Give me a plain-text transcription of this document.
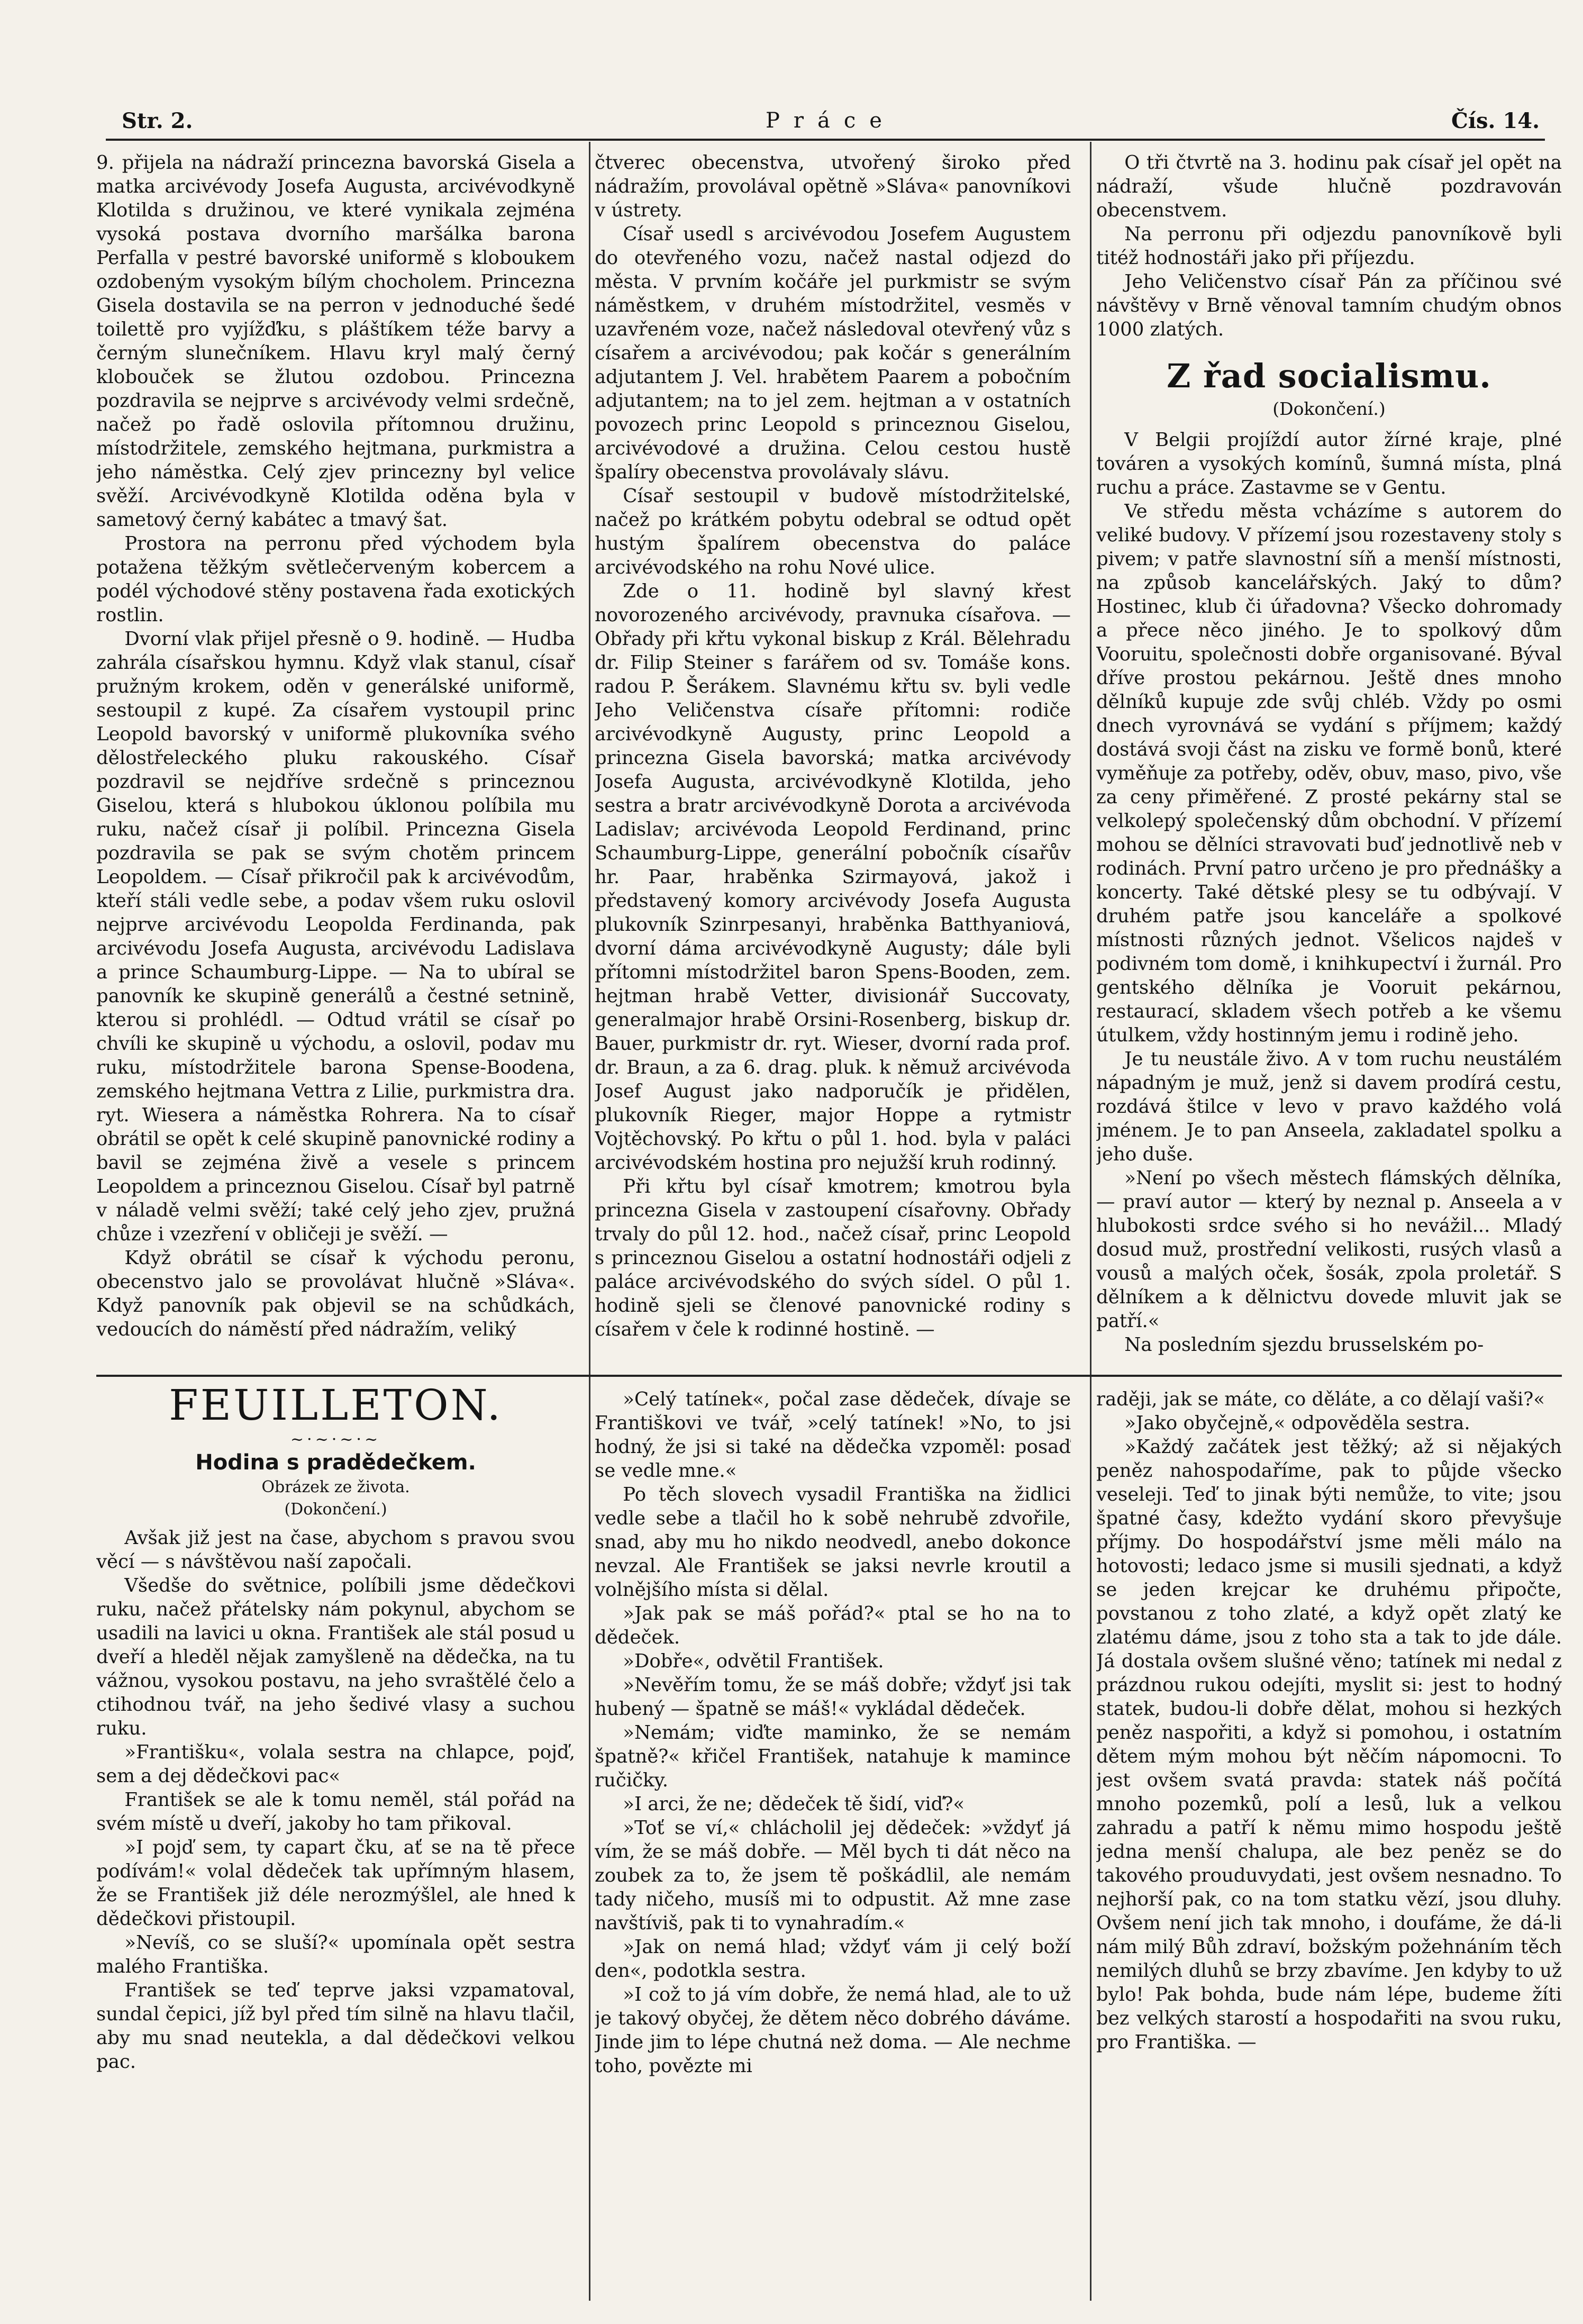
Str. 2.	Práce	Čís. 14.

9. přijela na nádraží princezna bavorská Gisela a matka arcivévody Josefa Augusta, arcivévodkyně Klotilda s družinou, ve které vynikala zejména vysoká postava dvorního maršálka barona Perfalla v pestré bavorské uniformě s kloboukem ozdobeným vysokým bílým chocholem. Princezna Gisela dostavila se na perron v jednoduché šedé toilettě pro vyjížďku, s pláštíkem téže barvy a černým slunečníkem. Hlavu kryl malý černý klobouček se žlutou ozdobou. Princezna pozdravila se nejprve s arcivévody velmi srdečně, načež po řadě oslovila přítomnou družinu, místodržitele, zemského hejtmana, purkmistra a jeho náměstka. Celý zjev princezny byl velice svěží. Arcivévodkyně Klotilda oděna byla v sametový černý kabátec a tmavý šat.

Prostora na perronu před východem byla potažena těžkým světlečerveným kobercem a podél východové stěny postavena řada exotických rostlin.

Dvorní vlak přijel přesně o 9. hodině. — Hudba zahrála císařskou hymnu. Když vlak stanul, císař pružným krokem, oděn v generálské uniformě, sestoupil z kupé. Za císařem vystoupil princ Leopold bavorský v uniformě plukovníka svého dělostřeleckého pluku rakouského. Císař pozdravil se nejdříve srdečně s princeznou Giselou, která s hlubokou úklonou políbila mu ruku, načež císař ji políbil. Princezna Gisela pozdravila se pak se svým chotěm princem Leopoldem. — Císař přikročil pak k arcivévodům, kteří stáli vedle sebe, a podav všem ruku oslovil nejprve arcivévodu Leopolda Ferdinanda, pak arcivévodu Josefa Augusta, arcivévodu Ladislava a prince Schaumburg-Lippe. — Na to ubíral se panovník ke skupině generálů a čestné setnině, kterou si prohlédl. — Odtud vrátil se císař po chvíli ke skupině u východu, a oslovil, podav mu ruku, místodržitele barona Spense-Boodena, zemského hejtmana Vettra z Lilie, purkmistra dra. ryt. Wiesera a náměstka Rohrera. Na to císař obrátil se opět k celé skupině panovnické rodiny a bavil se zejména živě a vesele s princem Leopoldem a princeznou Giselou. Císař byl patrně v náladě velmi svěží; také celý jeho zjev, pružná chůze i vzezření v obličeji je svěží. —

Když obrátil se císař k východu peronu, obecenstvo jalo se provolávat hlučně »Sláva«. Když panovník pak objevil se na schůdkách, vedoucích do náměstí před nádražím, veliký

čtverec obecenstva, utvořený široko před nádražím, provolával opětně »Sláva« panovníkovi v ústrety.

Císař usedl s arcivévodou Josefem Augustem do otevřeného vozu, načež nastal odjezd do města. V prvním kočáře jel purkmistr se svým náměstkem, v druhém místodržitel, vesměs v uzavřeném voze, načež následoval otevřený vůz s císařem a arcivévodou; pak kočár s generálním adjutantem J. Vel. hrabětem Paarem a pobočním adjutantem; na to jel zem. hejtman a v ostatních povozech princ Leopold s princeznou Giselou, arcivévodové a družina. Celou cestou hustě špalíry obecenstva provolávaly slávu.

Císař sestoupil v budově místodržitelské, načež po krátkém pobytu odebral se odtud opět hustým špalírem obecenstva do paláce arcivévodského na rohu Nové ulice.

Zde o 11. hodině byl slavný křest novorozeného arcivévody, pravnuka císařova. — Obřady při křtu vykonal biskup z Král. Bělehradu dr. Filip Steiner s farářem od sv. Tomáše kons. radou P. Šerákem. Slavnému křtu sv. byli vedle Jeho Veličenstva císaře přítomni: rodiče arcivévodkyně Augusty, princ Leopold a princezna Gisela bavorská; matka arcivévody Josefa Augusta, arcivévodkyně Klotilda, jeho sestra a bratr arcivévodkyně Dorota a arcivévoda Ladislav; arcivévoda Leopold Ferdinand, princ Schaumburg-Lippe, generální pobočník císařův hr. Paar, hraběnka Szirmayová, jakož i představený komory arcivévody Josefa Augusta plukovník Szinrpesanyi, hraběnka Batthyaniová, dvorní dáma arcivévodkyně Augusty; dále byli přítomni místodržitel baron Spens-Booden, zem. hejtman hrabě Vetter, divisionář Succovaty, generalmajor hrabě Orsini-Rosenberg, biskup dr. Bauer, purkmistr dr. ryt. Wieser, dvorní rada prof. dr. Braun, a za 6. drag. pluk. k němuž arcivévoda Josef August jako nadporučík je přidělen, plukovník Rieger, major Hoppe a rytmistr Vojtěchovský. Po křtu o půl 1. hod. byla v paláci arcivévodském hostina pro nejužší kruh rodinný.

Při křtu byl císař kmotrem; kmotrou byla princezna Gisela v zastoupení císařovny. Obřady trvaly do půl 12. hod., načež císař, princ Leopold s princeznou Giselou a ostatní hodnostáři odjeli z paláce arcivévodského do svých sídel. O půl 1. hodině sjeli se členové panovnické rodiny s císařem v čele k rodinné hostině. —

O tři čtvrtě na 3. hodinu pak císař jel opět na nádraží, všude hlučně pozdravován obecenstvem.

Na perronu při odjezdu panovníkově byli titéž hodnostáři jako při příjezdu.

Jeho Veličenstvo císař Pán za příčinou své návštěvy v Brně věnoval tamním chudým obnos 1000 zlatých.

Z řad socialismu.
(Dokončení.)

V Belgii projíždí autor žírné kraje, plné továren a vysokých komínů, šumná místa, plná ruchu a práce. Zastavme se v Gentu.

Ve středu města vcházíme s autorem do veliké budovy. V přízemí jsou rozestaveny stoly s pivem; v patře slavnostní síň a menší místnosti, na způsob kancelářských. Jaký to dům? Hostinec, klub či úřadovna? Všecko dohromady a přece něco jiného. Je to spolkový dům Vooruitu, společnosti dobře organisované. Býval dříve prostou pekárnou. Ještě dnes mnoho dělníků kupuje zde svůj chléb. Vždy po osmi dnech vyrovnává se vydání s příjmem; každý dostává svoji část na zisku ve formě bonů, které vyměňuje za potřeby, oděv, obuv, maso, pivo, vše za ceny přiměřené. Z prosté pekárny stal se velkolepý společenský dům obchodní. V přízemí mohou se dělníci stravovati buď jednotlivě neb v rodinách. První patro určeno je pro přednášky a koncerty. Také dětské plesy se tu odbývají. V druhém patře jsou kanceláře a spolkové místnosti různých jednot. Všelicos najdeš v podivném tom domě, i knihkupectví i žurnál. Pro gentského dělníka je Vooruit pekárnou, restaurací, skladem všech potřeb a ke všemu útulkem, vždy hostinným jemu i rodině jeho.

Je tu neustále živo. A v tom ruchu neustálém nápadným je muž, jenž si davem prodírá cestu, rozdává štilce v levo v pravo každého volá jménem. Je to pan Anseela, zakladatel spolku a jeho duše.

»Není po všech městech flámských dělníka, — praví autor — který by neznal p. Anseela a v hlubokosti srdce svého si ho nevážil... Mladý dosud muž, prostřední velikosti, rusých vlasů a vousů a malých oček, šosák, zpola proletář. S dělníkem a k dělnictvu dovede mluvit jak se patří.«

Na posledním sjezdu brusselském po-

FEUILLETON.
~·~·~·~
Hodina s pradědečkem.
Obrázek ze života.
(Dokončení.)

Avšak již jest na čase, abychom s pravou svou věcí — s návštěvou naší započali.

Všedše do světnice, políbili jsme dědečkovi ruku, načež přátelsky nám pokynul, abychom se usadili na lavici u okna. František ale stál posud u dveří a hleděl nějak zamyšleně na dědečka, na tu vážnou, vysokou postavu, na jeho svraštělé čelo a ctihodnou tvář, na jeho šedivé vlasy a suchou ruku.

»Františku«, volala sestra na chlapce, pojď, sem a dej dědečkovi pac«

František se ale k tomu neměl, stál pořád na svém místě u dveří, jakoby ho tam přikoval.

»I pojď sem, ty capart čku, ať se na tě přece podívám!« volal dědeček tak upřímným hlasem, že se František již déle nerozmýšlel, ale hned k dědečkovi přistoupil.

»Nevíš, co se sluší?« upomínala opět sestra malého Františka.

František se teď teprve jaksi vzpamatoval, sundal čepici, jíž byl před tím silně na hlavu tlačil, aby mu snad neutekla, a dal dědečkovi velkou pac.

»Celý tatínek«, počal zase dědeček, dívaje se Františkovi ve tvář, »celý tatínek! »No, to jsi hodný, že jsi si také na dědečka vzpoměl: posaď se vedle mne.«

Po těch slovech vysadil Františka na židlici vedle sebe a tlačil ho k sobě nehrubě zdvořile, snad, aby mu ho nikdo neodvedl, anebo dokonce nevzal. Ale František se jaksi nevrle kroutil a volnějšího místa si dělal.

»Jak pak se máš pořád?« ptal se ho na to dědeček.

»Dobře«, odvětil František.

»Nevěřím tomu, že se máš dobře; vždyť jsi tak hubený — špatně se máš!« vykládal dědeček.

»Nemám; viďte maminko, že se nemám špatně?« křičel František, natahuje k mamince ručičky.

»I arci, že ne; dědeček tě šidí, viď?«

»Toť se ví,« chlácholil jej dědeček: »vždyť já vím, že se máš dobře. — Měl bych ti dát něco na zoubek za to, že jsem tě poškádlil, ale nemám tady ničeho, musíš mi to odpustit. Až mne zase navštíviš, pak ti to vynahradím.«

»Jak on nemá hlad; vždyť vám ji celý boží den«, podotkla sestra.

»I což to já vím dobře, že nemá hlad, ale to už je takový obyčej, že dětem něco dobrého dáváme. Jinde jim to lépe chutná než doma. — Ale nechme toho, povězte mi

raději, jak se máte, co děláte, a co dělají vaši?«

»Jako obyčejně,« odpověděla sestra.

»Každý začátek jest těžký; až si nějakých peněz nahospodaříme, pak to půjde všecko veseleji. Teď to jinak býti nemůže, to vite; jsou špatné časy, kdežto vydání skoro převyšuje příjmy. Do hospodářství jsme měli málo na hotovosti; ledaco jsme si musili sjednati, a když se jeden krejcar ke druhému připočte, povstanou z toho zlaté, a když opět zlatý ke zlatému dáme, jsou z toho sta a tak to jde dále. Já dostala ovšem slušné věno; tatínek mi nedal z prázdnou rukou odejíti, myslit si: jest to hodný statek, budou-li dobře dělat, mohou si hezkých peněz naspořiti, a když si pomohou, i ostatním dětem mým mohou být něčím nápomocni. To jest ovšem svatá pravda: statek náš počítá mnoho pozemků, polí a lesů, luk a velkou zahradu a patří k němu mimo hospodu ještě jedna menší chalupa, ale bez peněz se do takového prouduvydati, jest ovšem nesnadno. To nejhorší pak, co na tom statku vězí, jsou dluhy. Ovšem není jich tak mnoho, i doufáme, že dá-li nám milý Bůh zdraví, božským požehnáním těch nemilých dluhů se brzy zbavíme. Jen kdyby to už bylo! Pak bohda, bude nám lépe, budeme žíti bez velkých starostí a hospodařiti na svou ruku, pro Františka. —
